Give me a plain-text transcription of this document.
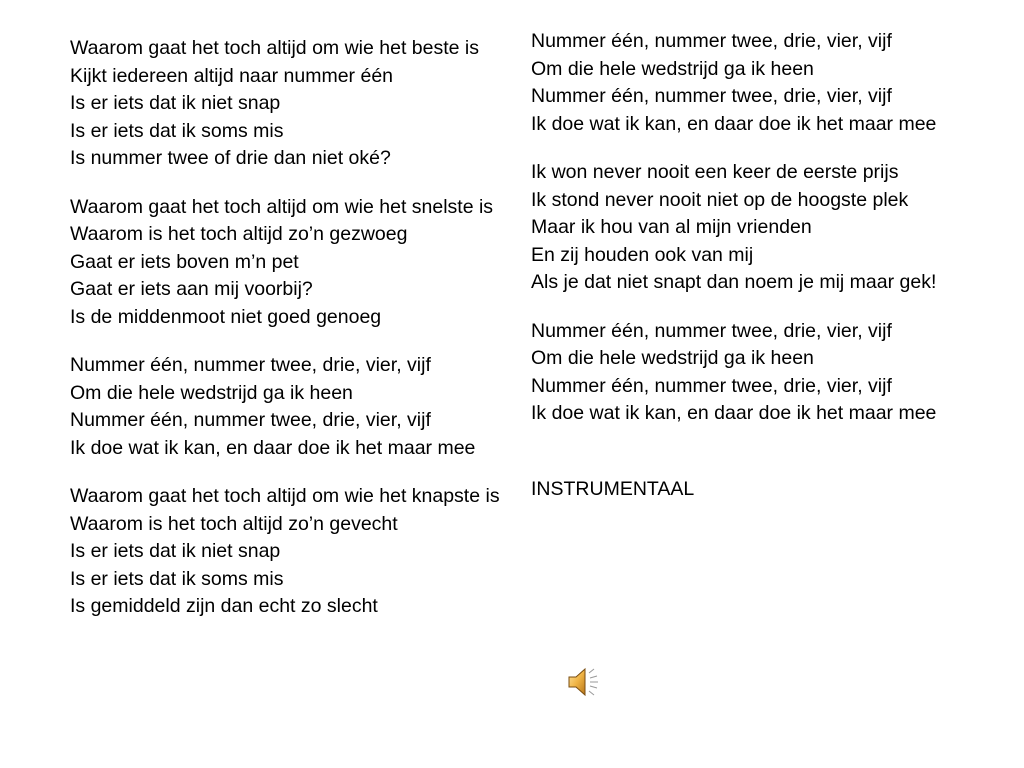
Waarom gaat het toch altijd om wie het beste is
Kijkt iedereen altijd naar nummer één
Is er iets dat ik niet snap
Is er iets dat ik soms mis
Is nummer twee of drie dan niet oké?
Waarom gaat het toch altijd om wie het snelste is
Waarom is het toch altijd zo’n gezwoeg
Gaat er iets boven m’n pet
Gaat er iets aan mij voorbij?
Is de middenmoot niet goed genoeg
Nummer één, nummer twee, drie, vier, vijf
Om die hele wedstrijd ga ik heen
Nummer één, nummer twee, drie, vier, vijf
Ik doe wat ik kan, en daar doe ik het maar mee
Waarom gaat het toch altijd om wie het knapste is
Waarom is het toch altijd zo’n gevecht
Is er iets dat ik niet snap
Is er iets dat ik soms mis
Is gemiddeld zijn dan echt zo slecht
Nummer één, nummer twee, drie, vier, vijf
Om die hele wedstrijd ga ik heen
Nummer één, nummer twee, drie, vier, vijf
Ik doe wat ik kan, en daar doe ik het maar mee
Ik won never nooit een keer de eerste prijs
Ik stond never nooit niet op de hoogste plek
Maar ik hou van al mijn vrienden
En zij houden ook van mij
Als je dat niet snapt dan noem je mij maar gek!
Nummer één, nummer twee, drie, vier, vijf
Om die hele wedstrijd ga ik heen
Nummer één, nummer twee, drie, vier, vijf
Ik doe wat ik kan, en daar doe ik het maar mee
INSTRUMENTAAL
